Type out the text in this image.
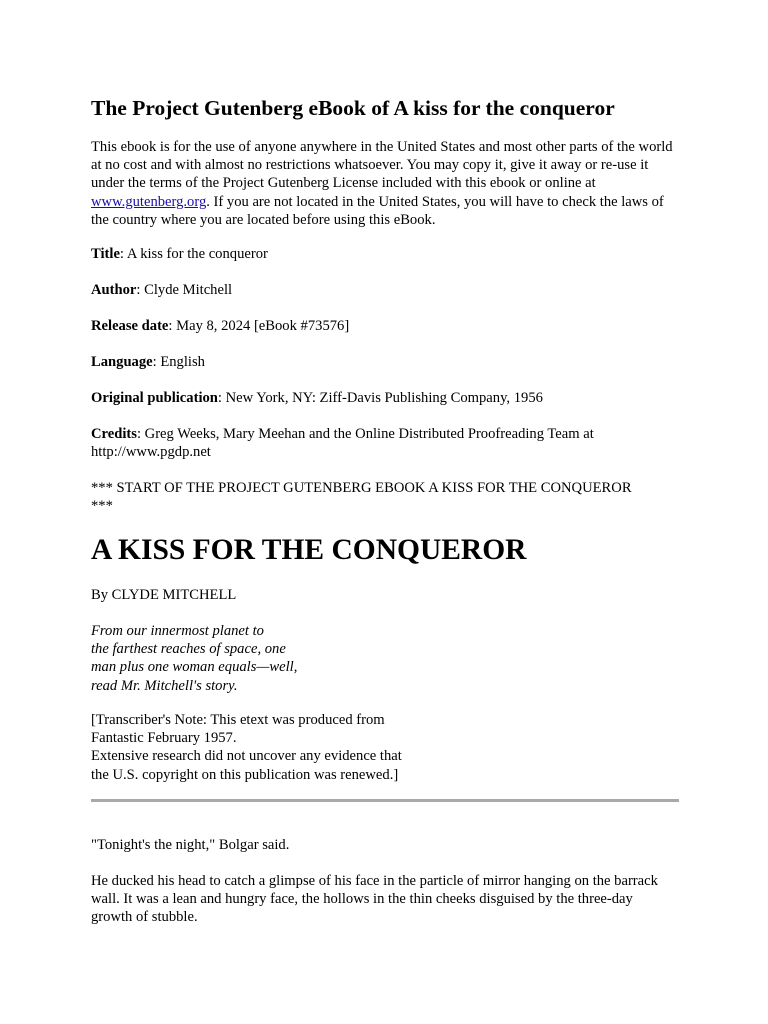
The Project Gutenberg eBook of A kiss for the conqueror

This ebook is for the use of anyone anywhere in the United States and most other parts of the world at no cost and with almost no restrictions whatsoever. You may copy it, give it away or re-use it under the terms of the Project Gutenberg License included with this ebook or online at www.gutenberg.org. If you are not located in the United States, you will have to check the laws of the country where you are located before using this eBook.

Title: A kiss for the conqueror

Author: Clyde Mitchell

Release date: May 8, 2024 [eBook #73576]

Language: English

Original publication: New York, NY: Ziff-Davis Publishing Company, 1956

Credits: Greg Weeks, Mary Meehan and the Online Distributed Proofreading Team at
http://www.pgdp.net

*** START OF THE PROJECT GUTENBERG EBOOK A KISS FOR THE CONQUEROR
***

A KISS FOR THE CONQUEROR

By CLYDE MITCHELL

From our innermost planet to
the farthest reaches of space, one
man plus one woman equals—well,
read Mr. Mitchell's story.

[Transcriber's Note: This etext was produced from
Fantastic February 1957.
Extensive research did not uncover any evidence that
the U.S. copyright on this publication was renewed.]

"Tonight's the night," Bolgar said.

He ducked his head to catch a glimpse of his face in the particle of mirror hanging on the barrack
wall. It was a lean and hungry face, the hollows in the thin cheeks disguised by the three-day
growth of stubble.
